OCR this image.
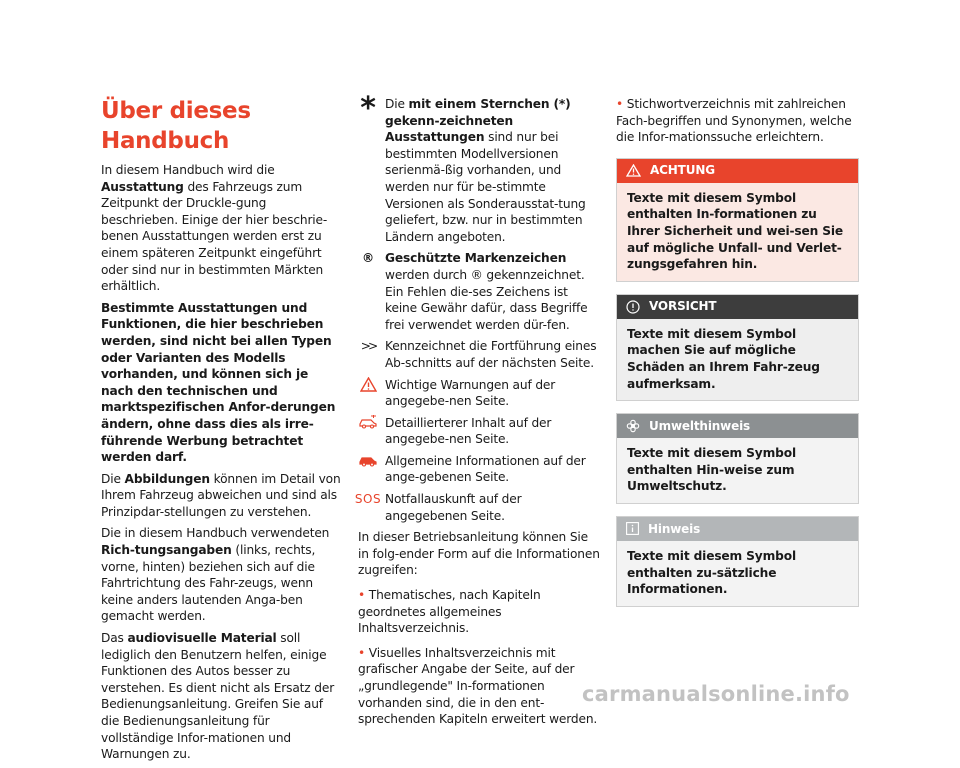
Über dieses Handbuch

In diesem Handbuch wird die Ausstattung des Fahrzeugs zum Zeitpunkt der Druckle-gung beschrieben. Einige der hier beschrie-benen Ausstattungen werden erst zu einem späteren Zeitpunkt eingeführt oder sind nur in bestimmten Märkten erhältlich.

Bestimmte Ausstattungen und Funktionen, die hier beschrieben werden, sind nicht bei allen Typen oder Varianten des Modells vorhanden, und können sich je nach den technischen und marktspezifischen Anfor-derungen ändern, ohne dass dies als irre-führende Werbung betrachtet werden darf.

Die Abbildungen können im Detail von Ihrem Fahrzeug abweichen und sind als Prinzipdar-stellungen zu verstehen.

Die in diesem Handbuch verwendeten Rich-tungsangaben (links, rechts, vorne, hinten) beziehen sich auf die Fahrtrichtung des Fahr-zeugs, wenn keine anders lautenden Anga-ben gemacht werden.

Das audiovisuelle Material soll lediglich den Benutzern helfen, einige Funktionen des Autos besser zu verstehen. Es dient nicht als Ersatz der Bedienungsanleitung. Greifen Sie auf die Bedienungsanleitung für vollständige Infor-mationen und Warnungen zu.

* Die mit einem Sternchen (*) gekenn-zeichneten Ausstattungen sind nur bei bestimmten Modellversionen serienmä-ßig vorhanden, und werden nur für be-stimmte Versionen als Sonderausstat-tung geliefert, bzw. nur in bestimmten Ländern angeboten.
® Geschützte Markenzeichen werden durch ® gekennzeichnet. Ein Fehlen die-ses Zeichens ist keine Gewähr dafür, dass Begriffe frei verwendet werden dür-fen.
>> Kennzeichnet die Fortführung eines Ab-schnitts auf der nächsten Seite.
Wichtige Warnungen auf der angegebe-nen Seite.
Detaillierterer Inhalt auf der angegebe-nen Seite.
Allgemeine Informationen auf der ange-gebenen Seite.
SOS Notfallauskunft auf der angegebenen Seite.

In dieser Betriebsanleitung können Sie in folg-ender Form auf die Informationen zugreifen:

• Thematisches, nach Kapiteln geordnetes allgemeines Inhaltsverzeichnis.

• Visuelles Inhaltsverzeichnis mit grafischer Angabe der Seite, auf der „grundlegende" In-formationen vorhanden sind, die in den ent-sprechenden Kapiteln erweitert werden.

• Stichwortverzeichnis mit zahlreichen Fach-begriffen und Synonymen, welche die Infor-mationssuche erleichtern.

ACHTUNG
Texte mit diesem Symbol enthalten In-formationen zu Ihrer Sicherheit und wei-sen Sie auf mögliche Unfall- und Verlet-zungsgefahren hin.
VORSICHT
Texte mit diesem Symbol machen Sie auf mögliche Schäden an Ihrem Fahr-zeug aufmerksam.
Umwelthinweis
Texte mit diesem Symbol enthalten Hin-weise zum Umweltschutz.
Hinweis
Texte mit diesem Symbol enthalten zu-sätzliche Informationen.
carmanualsonline.info
